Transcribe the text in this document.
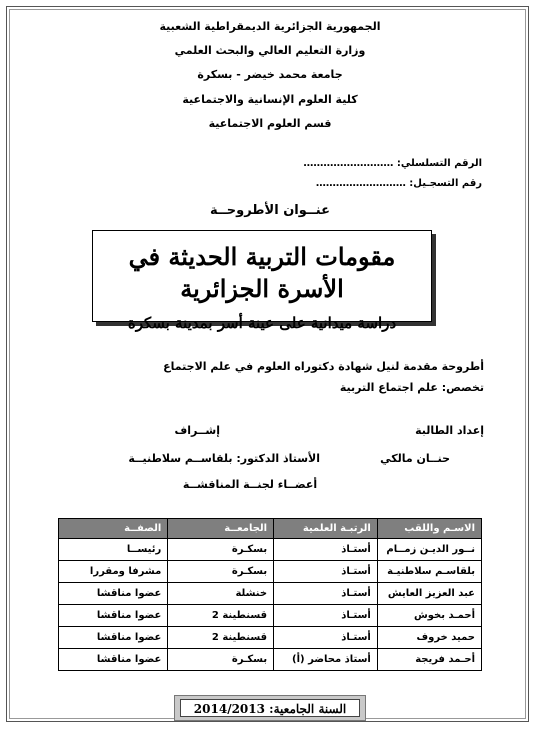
الجمهورية الجزائرية الديمقراطية الشعبية
وزارة التعليم العالي والبحث العلمي
جامعة محمد خيضر - بسكرة
كلية العلوم الإنسانية والاجتماعية
قسم العلوم الاجتماعية
الرقم التسلسلي: ………………………
رقم التسجـيل: ………………………
عنــوان الأطروحــة
مقومات التربية الحديثة في الأسرة الجزائرية
دراسة ميدانية على عينة أسر بمدينة بسكرة
أطروحة مقدمة لنيل شهادة دكتوراه العلوم في علم الاجتماع
تخصص: علم اجتماع التربية
إعداد الطالبة
إشــراف
حنــان مالكي
الأستاذ الدكتور: بلقاســم سلاطنيــة
أعضــاء لجنــة المناقشــة
الاسـم واللقب	الرتبـة العلمية	الجامعــة	الصفــة
نــور الديـن زمــام	أستـاذ	بسكـرة	رئيســا
بلقاسـم سلاطنيـة	أستـاذ	بسكـرة	مشرفا ومقررا
عبد العزيز العايش	أستـاذ	خنشلة	عضوا مناقشا
أحمـد بخوش	أستـاذ	قسنطينة 2	عضوا مناقشا
حميد خروف	أستـاذ	قسنطينة 2	عضوا مناقشا
أحـمد فريجة	أستاذ محاضر (أ)	بسكـرة	عضوا مناقشا
السنة الجامعية: 2014/2013
